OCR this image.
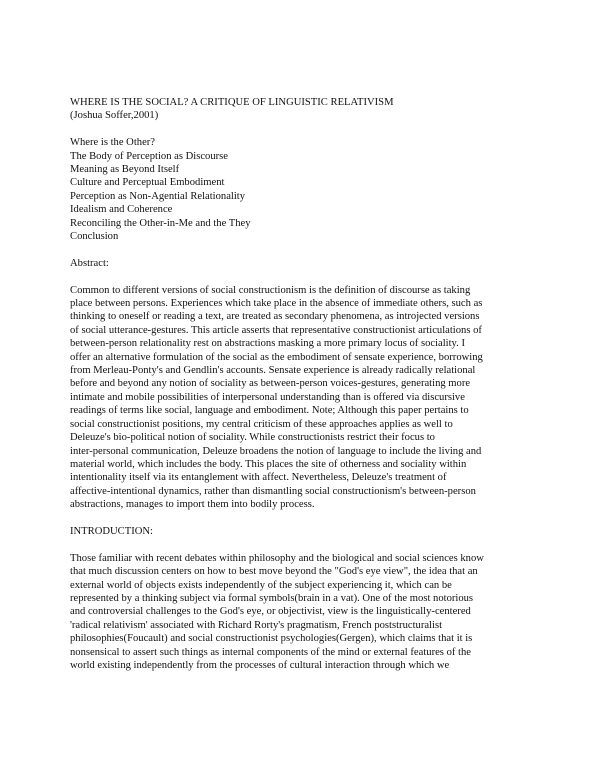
WHERE IS THE SOCIAL? A CRITIQUE OF LINGUISTIC RELATIVISM
(Joshua Soffer,2001)
Where is the Other?
The Body of Perception as Discourse
Meaning as Beyond Itself
Culture and Perceptual Embodiment
Perception as Non-Agential Relationality
Idealism and Coherence
Reconciling the Other-in-Me and the They
Conclusion
Abstract:
Common to different versions of social constructionism is the definition of discourse as taking
place between persons. Experiences which take place in the absence of immediate others, such as
thinking to oneself or reading a text, are treated as secondary phenomena, as introjected versions
of social utterance-gestures. This article asserts that representative constructionist articulations of
between-person relationality rest on abstractions masking a more primary locus of sociality. I
offer an alternative formulation of the social as the embodiment of sensate experience, borrowing
from Merleau-Ponty's and Gendlin's accounts. Sensate experience is already radically relational
before and beyond any notion of sociality as between-person voices-gestures, generating more
intimate and mobile possibilities of interpersonal understanding than is offered via discursive
readings of terms like social, language and embodiment. Note; Although this paper pertains to
social constructionist positions, my central criticism of these approaches applies as well to
Deleuze's bio-political notion of sociality. While constructionists restrict their focus to
inter-personal communication, Deleuze broadens the notion of language to include the living and
material world, which includes the body. This places the site of otherness and sociality within
intentionality itself via its entanglement with affect. Nevertheless, Deleuze's treatment of
affective-intentional dynamics, rather than dismantling social constructionism's between-person
abstractions, manages to import them into bodily process.
INTRODUCTION:
Those familiar with recent debates within philosophy and the biological and social sciences know
that much discussion centers on how to best move beyond the "God's eye view", the idea that an
external world of objects exists independently of the subject experiencing it, which can be
represented by a thinking subject via formal symbols(brain in a vat). One of the most notorious
and controversial challenges to the God's eye, or objectivist, view is the linguistically-centered
'radical relativism' associated with Richard Rorty's pragmatism, French poststructuralist
philosophies(Foucault) and social constructionist psychologies(Gergen), which claims that it is
nonsensical to assert such things as internal components of the mind or external features of the
world existing independently from the processes of cultural interaction through which we
